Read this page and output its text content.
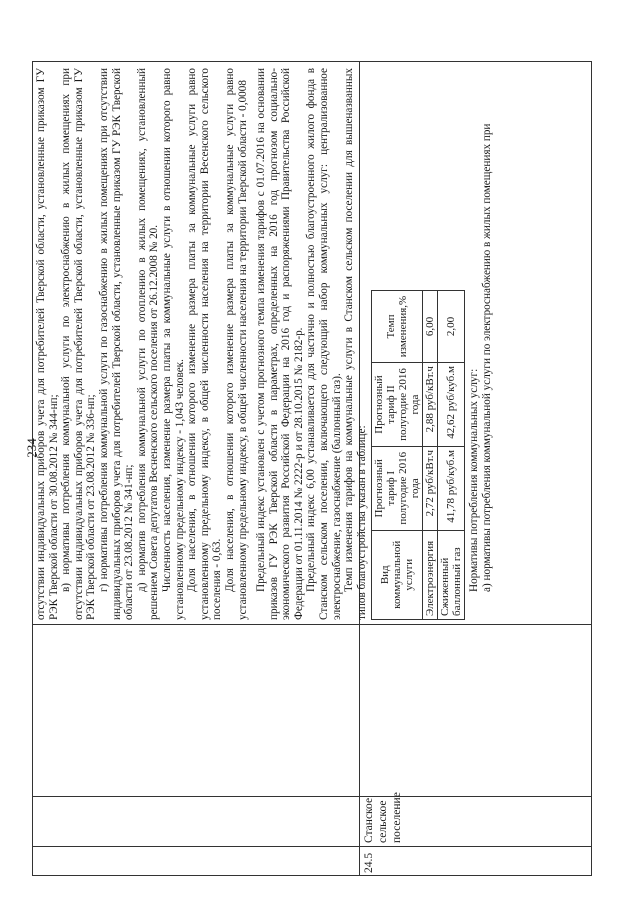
234
24.5
Станское сельское поселение

отсутствии индивидуальных приборов учета для потребителей Тверской области, установленные приказом ГУ РЭК Тверской области от 30.08.2012 № 344-нп; в) нормативы потребления коммунальной услуги по электроснабжению в жилых помещениях при отсутствии индивидуальных приборов учета для потребителей Тверской области, установленные приказом ГУ РЭК Тверской области от 23.08.2012 № 336-нп; г) нормативы потребления коммунальной услуги по газоснабжению в жилых помещениях при отсутствии индивидуальных приборов учета для потребителей Тверской области, установленные приказом ГУ РЭК Тверской области от 23.08.2012 № 341-нп; д) норматив потребления коммунальной услуги по отоплению в жилых помещениях, установленный решением Совета депутатов Весненского сельского поселения от 26.12.2008 № 20. Численность населения, изменение размера платы за коммунальные услуги в отношении которого равно установленному предельному индексу - 1,043 человек. Доля населения, в отношении которого изменение размера платы за коммунальные услуги равно установленному предельному индексу, в общей численности населения на территории Весенского сельского поселения - 0,63. Доля населения, в отношении которого изменение размера платы за коммунальные услуги равно установленному предельному индексу, в общей численности населения на территории Тверской области - 0,0008 Предельный индекс установлен с учетом прогнозного темпа изменения тарифов с 01.07.2016 на основании приказов ГУ РЭК Тверской области в параметрах, определенных на 2016 год прогнозом социально-экономического развития Российской Федерации на 2016 год и распоряжениями Правительства Российской Федерации от 01.11.2014 № 2222-р и от 28.10.2015 № 2182-р. Предельный индекс 6,00 устанавливается для частично и полностью благоустроенного жилого фонда в Станском сельском поселении, включающего следующий набор коммунальных услуг: централизованное электроснабжение, газоснабжение (баллонный газ). Темп изменения тарифов на коммунальные услуги в Станском сельском поселении для вышеназванных типов благоустройства указан в таблице: Вид коммунальной услуги	Прогнозный тариф I полугодие 2016 года	Прогнозный тариф II полугодие 2016 года	Темп изменения,%
Электроэнергия	2,72 руб/кВт.ч	2,88 руб/кВт.ч	6,00
Сжиженный баллонный газ	41,78 руб/куб.м	42,62 руб/куб.м	2,00

Нормативы потребления коммунальных услуг: а) нормативы потребления коммунальной услуги по электроснабжению в жилых помещениях при
